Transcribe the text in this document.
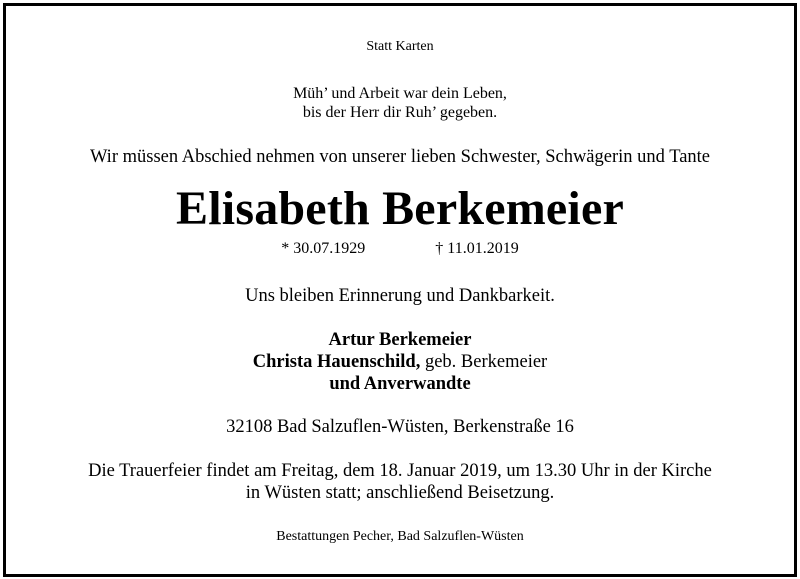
Statt Karten
Müh’ und Arbeit war dein Leben,
bis der Herr dir Ruh’ gegeben.
Wir müssen Abschied nehmen von unserer lieben Schwester, Schwägerin und Tante
Elisabeth Berkemeier
* 30.07.1929	† 11.01.2019
Uns bleiben Erinnerung und Dankbarkeit.
Artur Berkemeier
Christa Hauenschild, geb. Berkemeier
und Anverwandte
32108 Bad Salzuflen-Wüsten, Berkenstraße 16
Die Trauerfeier findet am Freitag, dem 18. Januar 2019, um 13.30 Uhr in der Kirche
in Wüsten statt; anschließend Beisetzung.
Bestattungen Pecher, Bad Salzuflen-Wüsten
